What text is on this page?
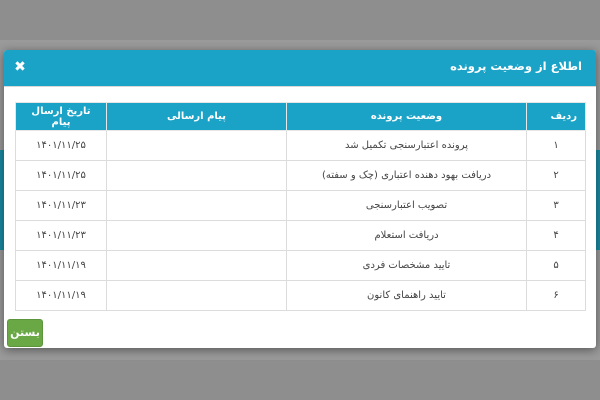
اطلاع از وضعیت پرونده
✖
ردیف	وضعیت پرونده	پیام ارسالی	تاریخ ارسال پیام
۱	پرونده اعتبارسنجی تکمیل شد		۱۴۰۱/۱۱/۲۵
۲	دریافت بهود دهنده اعتباری (چک و سفته)		۱۴۰۱/۱۱/۲۵
۳	تصویب اعتبارسنجی		۱۴۰۱/۱۱/۲۳
۴	دریافت استعلام		۱۴۰۱/۱۱/۲۳
۵	تایید مشخصات فردی		۱۴۰۱/۱۱/۱۹
۶	تایید راهنمای کانون		۱۴۰۱/۱۱/۱۹
بستن
